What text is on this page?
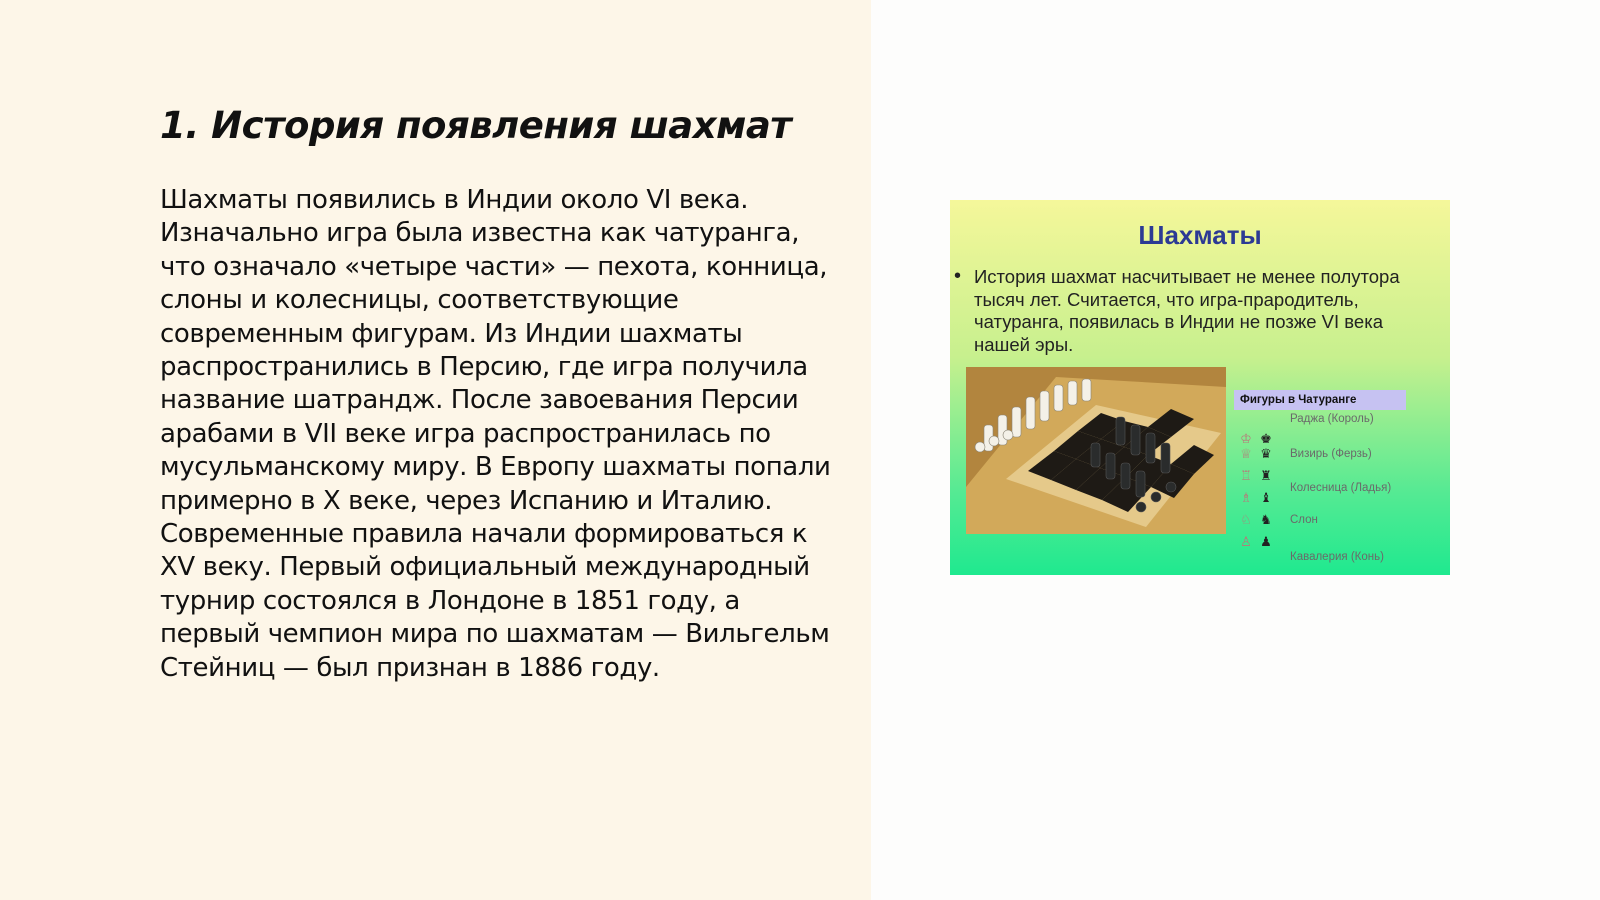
1. История появления шахмат

Шахматы появились в Индии около VI века. Изначально игра была известна как чатуранга, что означало «четыре части» — пехота, конница, слоны и колесницы, соответствующие современным фигурам. Из Индии шахматы распространились в Персию, где игра получила название шатрандж. После завоевания Персии арабами в VII веке игра распространилась по мусульманскому миру. В Европу шахматы попали примерно в X веке, через Испанию и Италию. Современные правила начали формироваться к XV веку. Первый официальный международный турнир состоялся в Лондоне в 1851 году, а первый чемпион мира по шахматам — Вильгельм Стейниц — был признан в 1886 году.

Шахматы
• История шахмат насчитывает не менее полутора тысяч лет. Считается, что игра-прародитель, чатуранга, появилась в Индии не позже VI века нашей эры.
Фигуры в Чатуранге
Раджа (Король)
♔ ♚
♕ ♛ Визирь (Ферзь)
♖ ♜
Колесница (Ладья)
♗ ♝
♘ ♞ Слон
♙ ♟
Кавалерия (Конь)
